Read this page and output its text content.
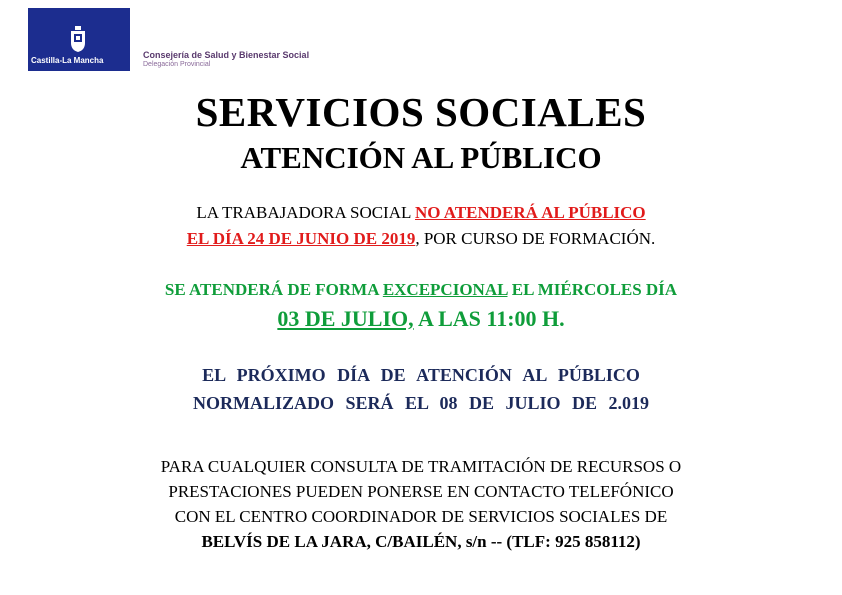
Castilla-La Mancha
Consejería de Salud y Bienestar Social
Delegación Provincial
SERVICIOS SOCIALES
ATENCIÓN AL PÚBLICO
LA TRABAJADORA SOCIAL NO ATENDERÁ AL PÚBLICO
EL DÍA 24 DE JUNIO DE 2019, POR CURSO DE FORMACIÓN.
SE ATENDERÁ DE FORMA EXCEPCIONAL EL MIÉRCOLES DÍA
03 DE JULIO, A LAS 11:00 H.
EL PRÓXIMO DÍA DE ATENCIÓN AL PÚBLICO
NORMALIZADO SERÁ EL 08 DE JULIO DE 2.019
PARA CUALQUIER CONSULTA DE TRAMITACIÓN DE RECURSOS O
PRESTACIONES PUEDEN PONERSE EN CONTACTO TELEFÓNICO
CON EL CENTRO COORDINADOR DE SERVICIOS SOCIALES DE
BELVÍS DE LA JARA, C/BAILÉN, s/n -- (TLF: 925 858112)
